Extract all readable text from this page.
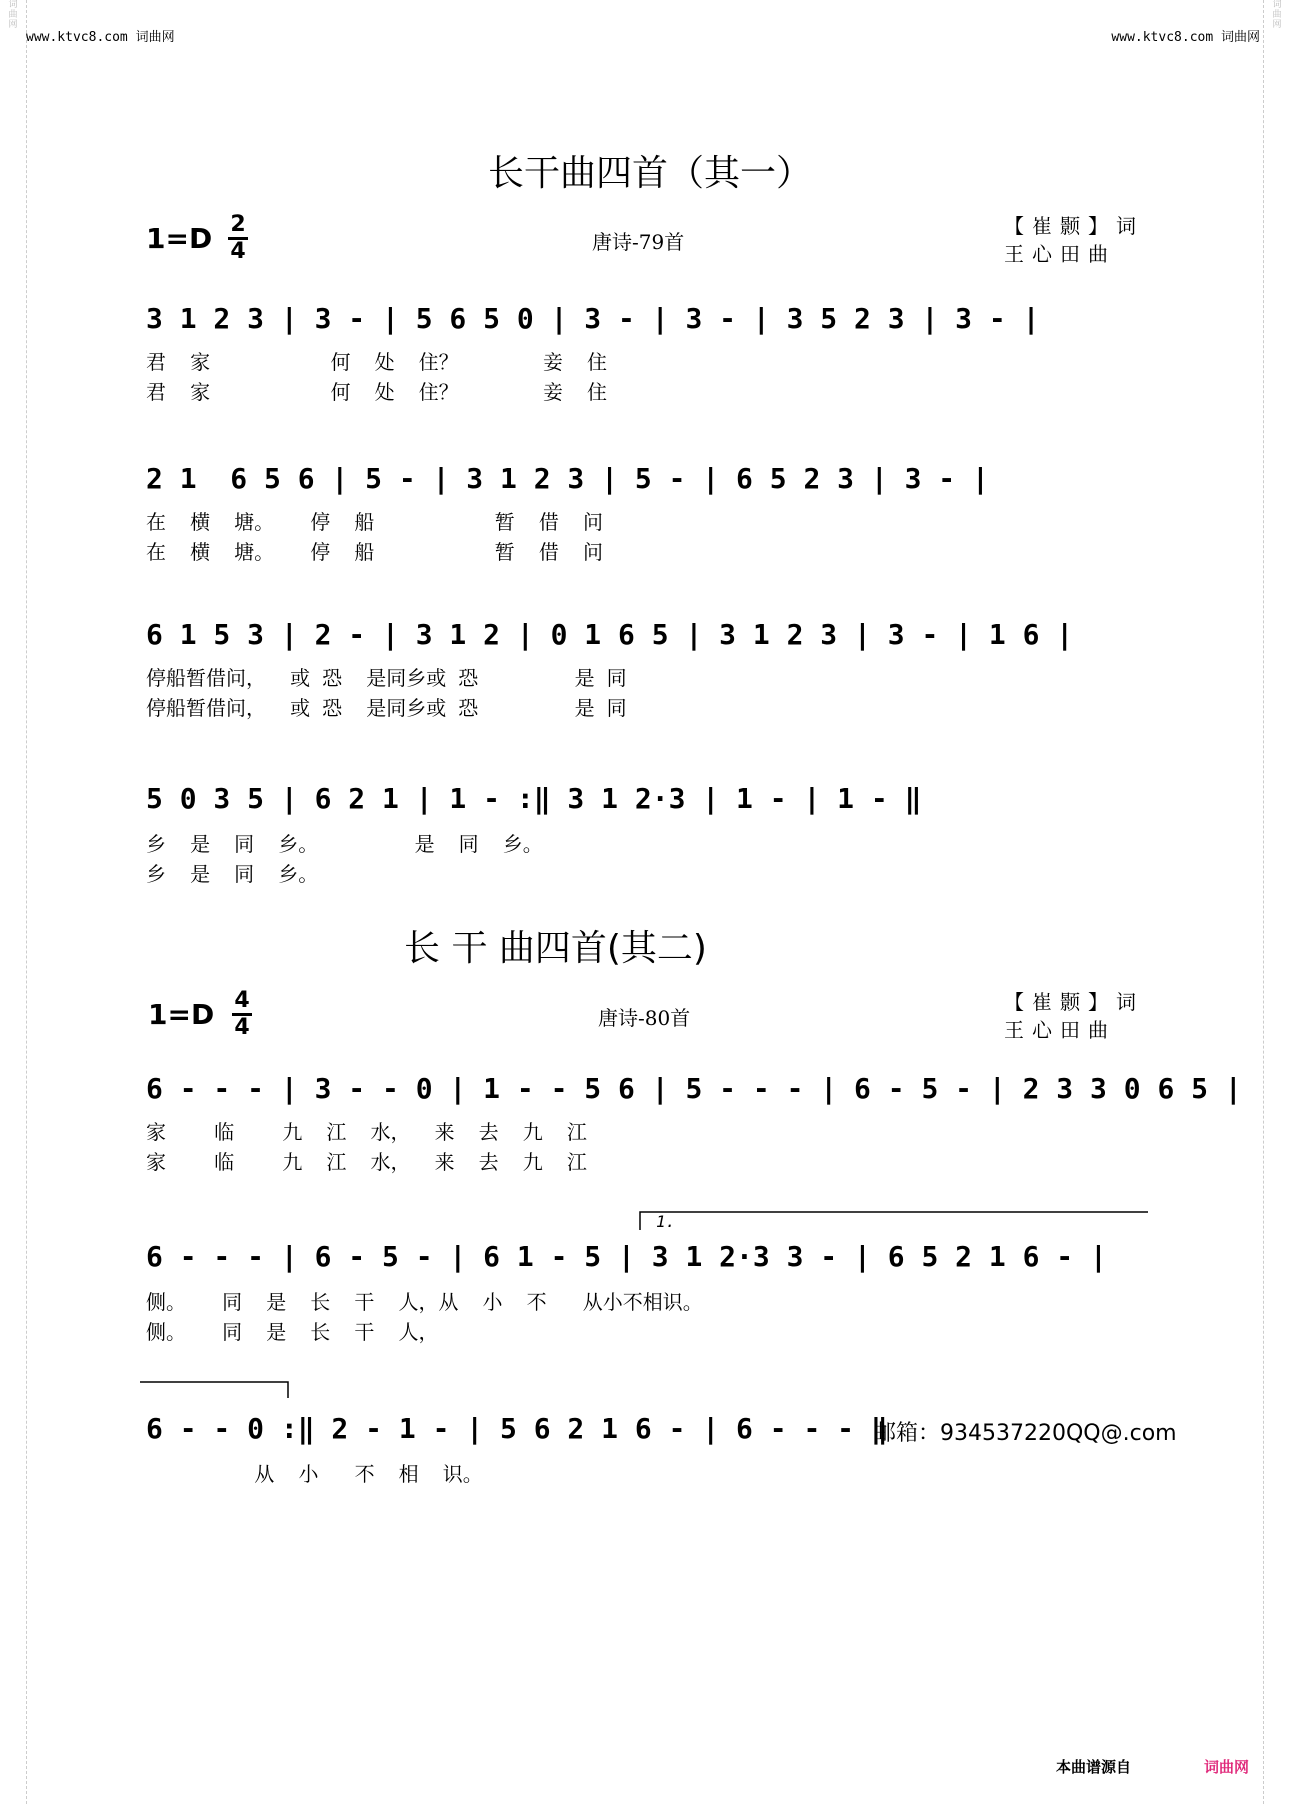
词
曲
网
词
曲
网
www.ktvc8.com 词曲网	www.ktvc8.com 词曲网
长干曲四首（其一）
1=D 2
4	唐诗-79首
【崔颢】词
王心田曲
3 1 2 3 | 3 - | 5 6 5 0 | 3 - | 3 - | 3 5 2 3 | 3 - |
君  家          何  处  住？       妾  住
君  家          何  处  住？       妾  住
2 1  6 5 6 | 5 - | 3 1 2 3 | 5 - | 6 5 2 3 | 3 - |
在  横  塘。   停  船          暂  借  问
在  横  塘。   停  船          暂  借  问
6 1 5 3 | 2 - | 3 1 2 | 0 1 6 5 | 3 1 2 3 | 3 - | 1 6 |
停船暂借问，  或 恐  是同乡或 恐        是 同
停船暂借问，  或 恐  是同乡或 恐        是 同
5 0 3 5 | 6 2 1 | 1 - :‖ 3 1 2·3 | 1 - | 1 - ‖
乡  是  同  乡。        是  同  乡。
乡  是  同  乡。
长 干 曲四首(其二)
1=D 4
4	唐诗-80首
【崔颢】词
王心田曲
6 - - - | 3 - - 0 | 1 - - 5 6 | 5 - - - | 6 - 5 - | 2 3 3 0 6 5 |
家    临    九  江  水，  来  去  九  江
家    临    九  江  水，  来  去  九  江
1.
6 - - - | 6 - 5 - | 6 1 - 5 | 3 1 2·3 3 - | 6 5 2 1 6 - |
侧。   同  是  长  干  人，从  小  不   从小不相识。
侧。   同  是  长  干  人，
6 - - 0 :‖ 2 - 1 - | 5 6 2 1 6 - | 6 - - - ‖
从  小   不  相  识。
邮箱：934537220QQ@.com
本曲谱源自	词曲网
